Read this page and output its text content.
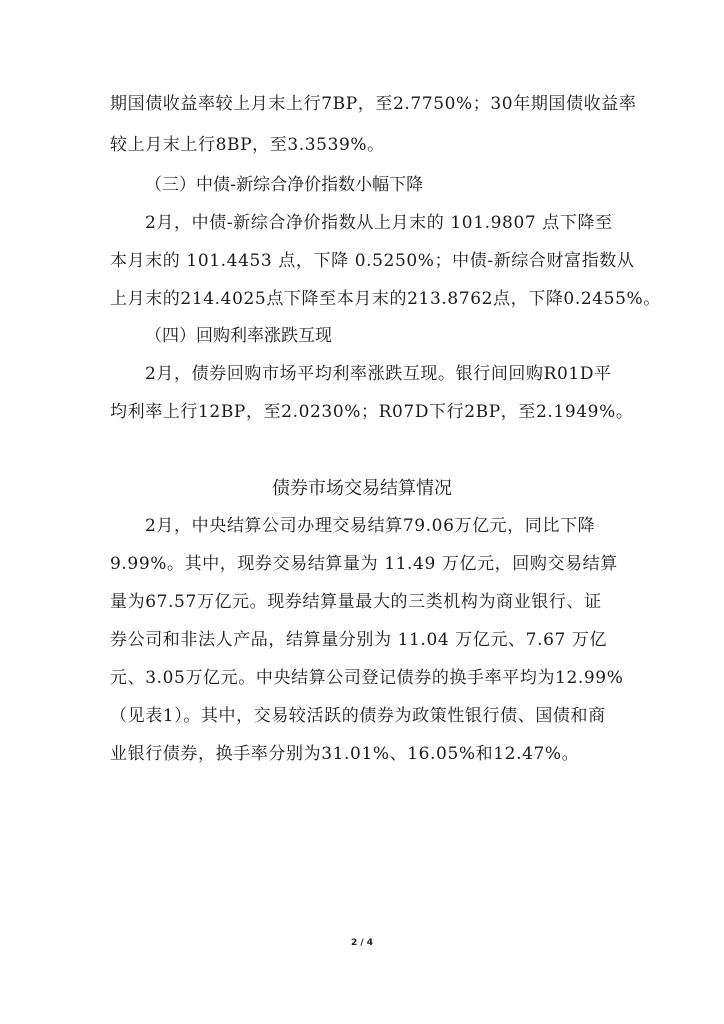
期国债收益率较上月末上行7BP，至2.7750%；30年期国债收益率
较上月末上行8BP，至3.3539%。
（三）中债-新综合净价指数小幅下降
2月，中债-新综合净价指数从上月末的 101.9807 点下降至
本月末的 101.4453 点，下降 0.5250%；中债-新综合财富指数从
上月末的214.4025点下降至本月末的213.8762点，下降0.2455%。
（四）回购利率涨跌互现
2月，债券回购市场平均利率涨跌互现。银行间回购R01D平
均利率上行12BP，至2.0230%；R07D下行2BP，至2.1949%。
债券市场交易结算情况
2月，中央结算公司办理交易结算79.06万亿元，同比下降
9.99%。其中，现券交易结算量为 11.49 万亿元，回购交易结算
量为67.57万亿元。现券结算量最大的三类机构为商业银行、证
券公司和非法人产品，结算量分别为 11.04 万亿元、7.67 万亿
元、3.05万亿元。中央结算公司登记债券的换手率平均为12.99%
（见表1）。其中，交易较活跃的债券为政策性银行债、国债和商
业银行债券，换手率分别为31.01%、16.05%和12.47%。
2 / 4
